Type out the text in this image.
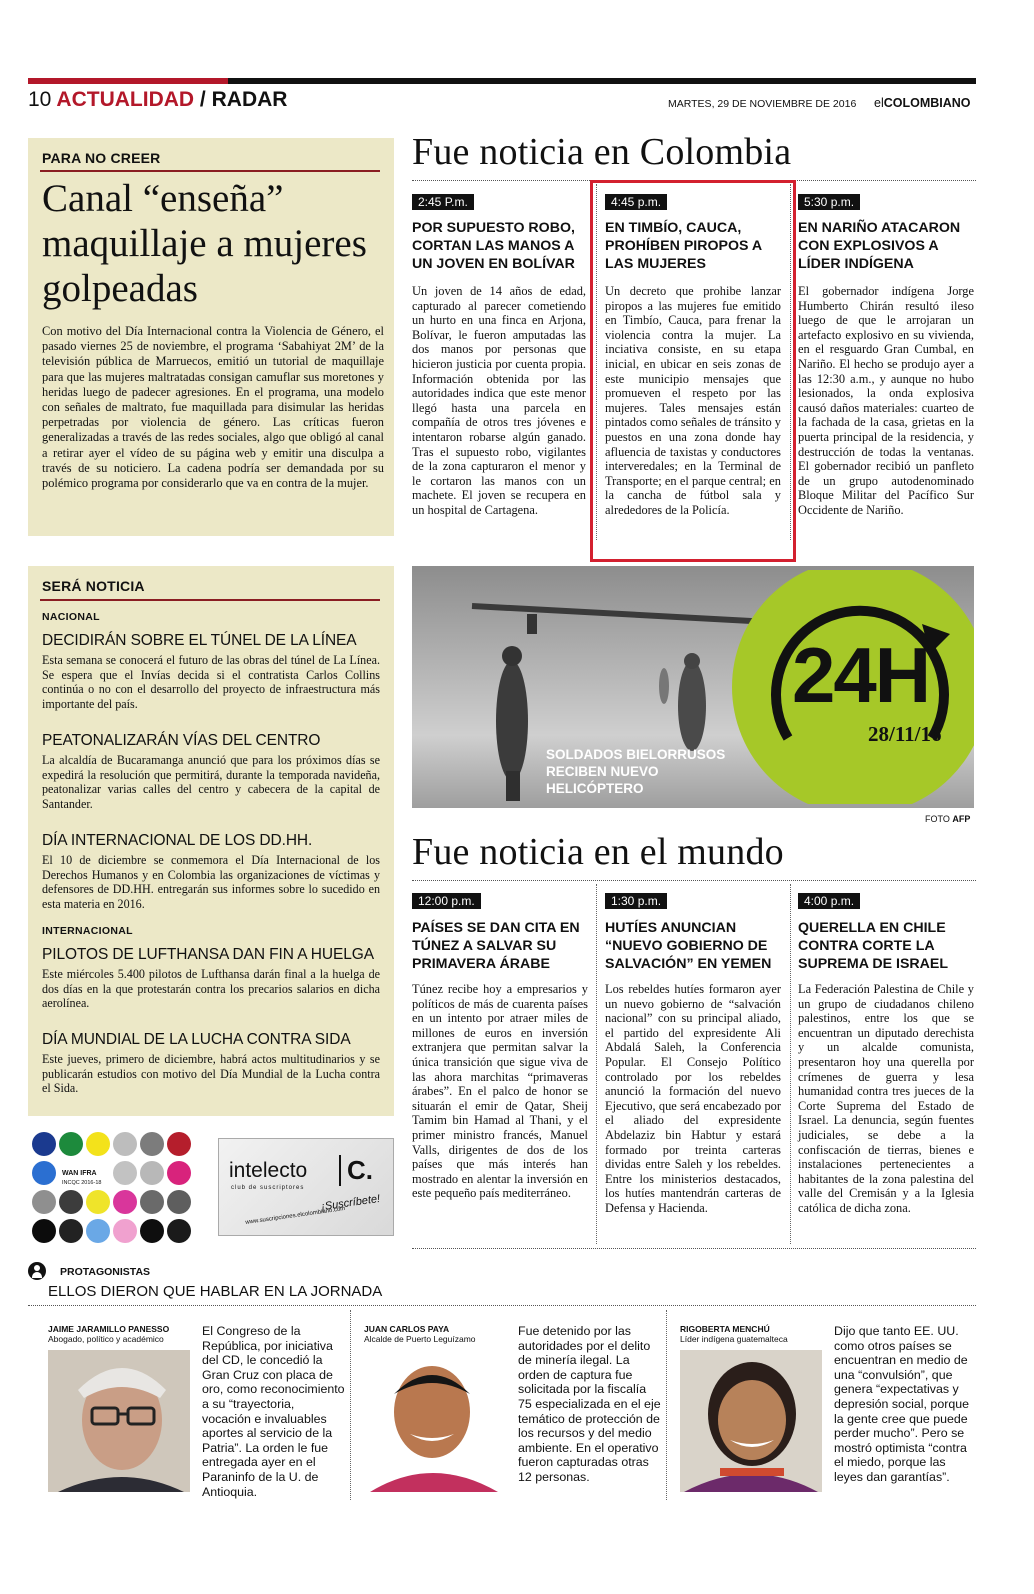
10 ACTUALIDAD / RADAR	MARTES, 29 DE NOVIEMBRE DE 2016 elCOLOMBIANO
PARA NO CREER
Canal “enseña” maquillaje a mujeres golpeadas
Con motivo del Día Internacional contra la Violencia de Género, el pasado viernes 25 de noviembre, el programa ‘Sabahiyat 2M’ de la televisión pública de Marruecos, emitió un tutorial de maquillaje para que las mujeres maltratadas consigan camuflar sus moretones y heridas luego de padecer agresiones. En el programa, una modelo con señales de maltrato, fue maquillada para disimular las heridas perpetradas por violencia de género. Las críticas fueron generalizadas a través de las redes sociales, algo que obligó al canal a retirar ayer el vídeo de su página web y emitir una disculpa a través de su noticiero. La cadena podría ser demandada por su polémico programa por considerarlo que va en contra de la mujer.
SERÁ NOTICIA
NACIONAL
DECIDIRÁN SOBRE EL TÚNEL DE LA LÍNEA
Esta semana se conocerá el futuro de las obras del túnel de La Línea. Se espera que el Invías decida si el contratista Carlos Collins continúa o no con el desarrollo del proyecto de infraestructura más importante del país.
PEATONALIZARÁN VÍAS DEL CENTRO
La alcaldía de Bucaramanga anunció que para los próximos días se expedirá la resolución que permitirá, durante la temporada navideña, peatonalizar varias calles del centro y cabecera de la capital de Santander.
DÍA INTERNACIONAL DE LOS DD.HH.
El 10 de diciembre se conmemora el Día Internacional de los Derechos Humanos y en Colombia las organizaciones de víctimas y defensores de DD.HH. entregarán sus informes sobre lo sucedido en esta materia en 2016.
INTERNACIONAL
PILOTOS DE LUFTHANSA DAN FIN A HUELGA
Este miércoles 5.400 pilotos de Lufthansa darán final a la huelga de dos días en la que protestarán contra los precarios salarios en dicha aerolínea.
DÍA MUNDIAL DE LA LUCHA CONTRA SIDA
Este jueves, primero de diciembre, habrá actos multitudinarios y se publicarán estudios con motivo del Día Mundial de la Lucha contra el Sida.
Fue noticia en Colombia
2:45 P.m.
POR SUPUESTO ROBO, CORTAN LAS MANOS A UN JOVEN EN BOLÍVAR
Un joven de 14 años de edad, capturado al parecer cometiendo un hurto en una finca en Arjona, Bolívar, le fueron amputadas las dos manos por personas que hicieron justicia por cuenta propia. Información obtenida por las autoridades indica que este menor llegó hasta una parcela en compañía de otros tres jóvenes e intentaron robarse algún ganado. Tras el supuesto robo, vigilantes de la zona capturaron el menor y le cortaron las manos con un machete. El joven se recupera en un hospital de Cartagena.
4:45 p.m.
EN TIMBÍO, CAUCA, PROHÍBEN PIROPOS A LAS MUJERES
Un decreto que prohibe lanzar piropos a las mujeres fue emitido en Timbío, Cauca, para frenar la violencia contra la mujer. La inciativa consiste, en su etapa inicial, en ubicar en seis zonas de este municipio mensajes que promueven el respeto por las mujeres. Tales mensajes están pintados como señales de tránsito y puestos en una zona donde hay afluencia de taxistas y conductores interveredales; en la Terminal de Transporte; en el parque central; en la cancha de fútbol sala y alrededores de la Policía.
5:30 p.m.
EN NARIÑO ATACARON CON EXPLOSIVOS A LÍDER INDÍGENA
El gobernador indígena Jorge Humberto Chirán resultó ileso luego de que le arrojaran un artefacto explosivo en su vivienda, en el resguardo Gran Cumbal, en Nariño. El hecho se produjo ayer a las 12:30 a.m., y aunque no hubo lesionados, la onda explosiva causó daños materiales: cuarteo de la fachada de la casa, grietas en la puerta principal de la residencia, y destrucción de todas la ventanas. El gobernador recibió un panfleto de un grupo autodenominado Bloque Militar del Pacífico Sur Occidente de Nariño.
24H
28/11/16
SOLDADOS BIELORRUSOS RECIBEN NUEVO HELICÓPTERO
FOTO AFP
Fue noticia en el mundo
12:00 p.m.
PAÍSES SE DAN CITA EN TÚNEZ A SALVAR SU PRIMAVERA ÁRABE
Túnez recibe hoy a empresarios y políticos de más de cuarenta países en un intento por atraer miles de millones de euros en inversión extranjera que permitan salvar la única transición que sigue viva de las ahora marchitas “primaveras árabes”. En el palco de honor se situarán el emir de Qatar, Sheij Tamim bin Hamad al Thani, y el primer ministro francés, Manuel Valls, dirigentes de dos de los países que más interés han mostrado en alentar la inversión en este pequeño país mediterráneo.
1:30 p.m.
HUTÍES ANUNCIAN “NUEVO GOBIERNO DE SALVACIÓN” EN YEMEN
Los rebeldes hutíes formaron ayer un nuevo gobierno de “salvación nacional” con su principal aliado, el partido del expresidente Ali Abdalá Saleh, la Conferencia Popular. El Consejo Político controlado por los rebeldes anunció la formación del nuevo Ejecutivo, que será encabezado por el aliado del expresidente Abdelaziz bin Habtur y estará formado por treinta carteras dividas entre Saleh y los rebeldes. Entre los ministerios destacados, los hutíes mantendrán carteras de Defensa y Hacienda.
4:00 p.m.
QUERELLA EN CHILE CONTRA CORTE LA SUPREMA DE ISRAEL
La Federación Palestina de Chile y un grupo de ciudadanos chileno palestinos, entre los que se encuentran un diputado derechista y un alcalde comunista, presentaron hoy una querella por crímenes de guerra y lesa humanidad contra tres jueces de la Corte Suprema del Estado de Israel. La denuncia, según fuentes judiciales, se debe a la confiscación de tierras, bienes e instalaciones pertenecientes a habitantes de la zona palestina del valle del Cremisán y a la Iglesia católica de dicha zona.
WAN IFRA
INCQC 2016-18
intelecto	C.
club de suscriptores
¡Suscríbete!
www.suscripciones.elcolombiano.com
PROTAGONISTAS
ELLOS DIERON QUE HABLAR EN LA JORNADA
JAIME JARAMILLO PANESSO
Abogado, político y académico
El Congreso de la República, por iniciativa del CD, le concedió la Gran Cruz con placa de oro, como reconocimiento a su “trayectoria, vocación e invaluables aportes al servicio de la Patria”. La orden le fue entregada ayer en el Paraninfo de la U. de Antioquia.
JUAN CARLOS PAYA
Alcalde de Puerto Leguízamo
Fue detenido por las autoridades por el delito de minería ilegal. La orden de captura fue solicitada por la fiscalía 75 especializada en el eje temático de protección de los recursos y del medio ambiente. En el operativo fueron capturadas otras 12 personas.
RIGOBERTA MENCHÚ
Líder indígena guatemalteca
Dijo que tanto EE. UU. como otros países se encuentran en medio de una “convulsión”, que genera “expectativas y depresión social, porque la gente cree que puede perder mucho”. Pero se mostró optimista “contra el miedo, porque las leyes dan garantías”.
